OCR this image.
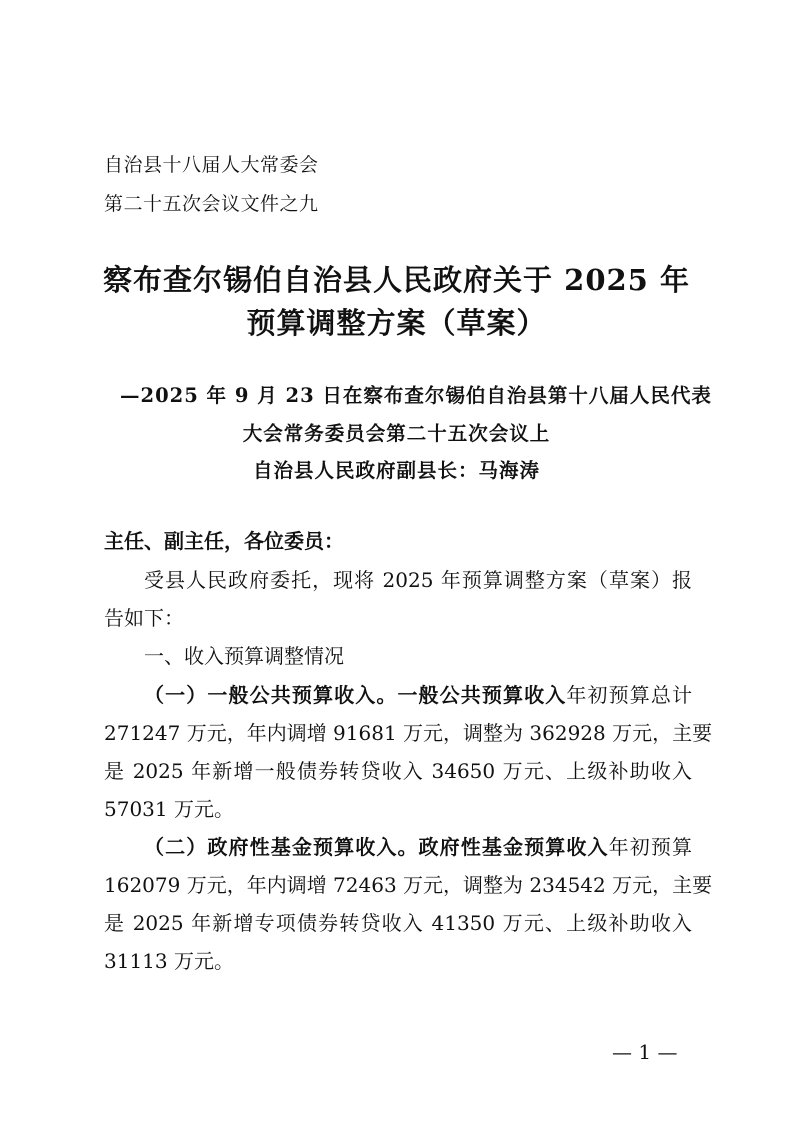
自治县十八届人大常委会
第二十五次会议文件之九
察布查尔锡伯自治县人民政府关于 2025 年
预算调整方案（草案）
—2025 年 9 月 23 日在察布查尔锡伯自治县第十八届人民代表
大会常务委员会第二十五次会议上
自治县人民政府副县长：马海涛
主任、副主任，各位委员：
受县人民政府委托，现将 2025 年预算调整方案（草案）报
告如下：
一、收入预算调整情况
（一）一般公共预算收入。一般公共预算收入年初预算总计
271247 万元，年内调增 91681 万元，调整为 362928 万元，主要
是 2025 年新增一般债券转贷收入 34650 万元、上级补助收入
57031 万元。
（二）政府性基金预算收入。政府性基金预算收入年初预算
162079 万元，年内调增 72463 万元，调整为 234542 万元，主要
是 2025 年新增专项债券转贷收入 41350 万元、上级补助收入
31113 万元。
— 1 —
